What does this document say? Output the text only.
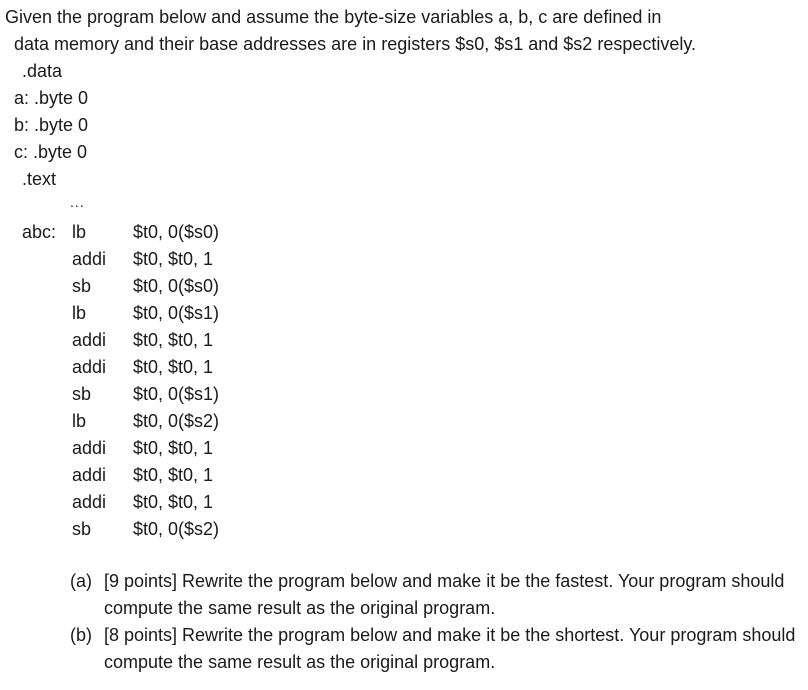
Given the program below and assume the byte-size variables a, b, c are defined in
data memory and their base addresses are in registers $s0, $s1 and $s2 respectively.
.data
a: .byte 0
b: .byte 0
c: .byte 0
.text
...
abc: lb	$t0, 0($s0)
addi $t0, $t0, 1
sb $t0, 0($s0)
lb	$t0, 0($s1)
addi $t0, $t0, 1
addi $t0, $t0, 1
sb $t0, 0($s1)
lb	$t0, 0($s2)
addi $t0, $t0, 1
addi $t0, $t0, 1
addi $t0, $t0, 1
sb $t0, 0($s2)
(a) [9 points] Rewrite the program below and make it be the fastest. Your program should
compute the same result as the original program.
(b) [8 points] Rewrite the program below and make it be the shortest. Your program should
compute the same result as the original program.
